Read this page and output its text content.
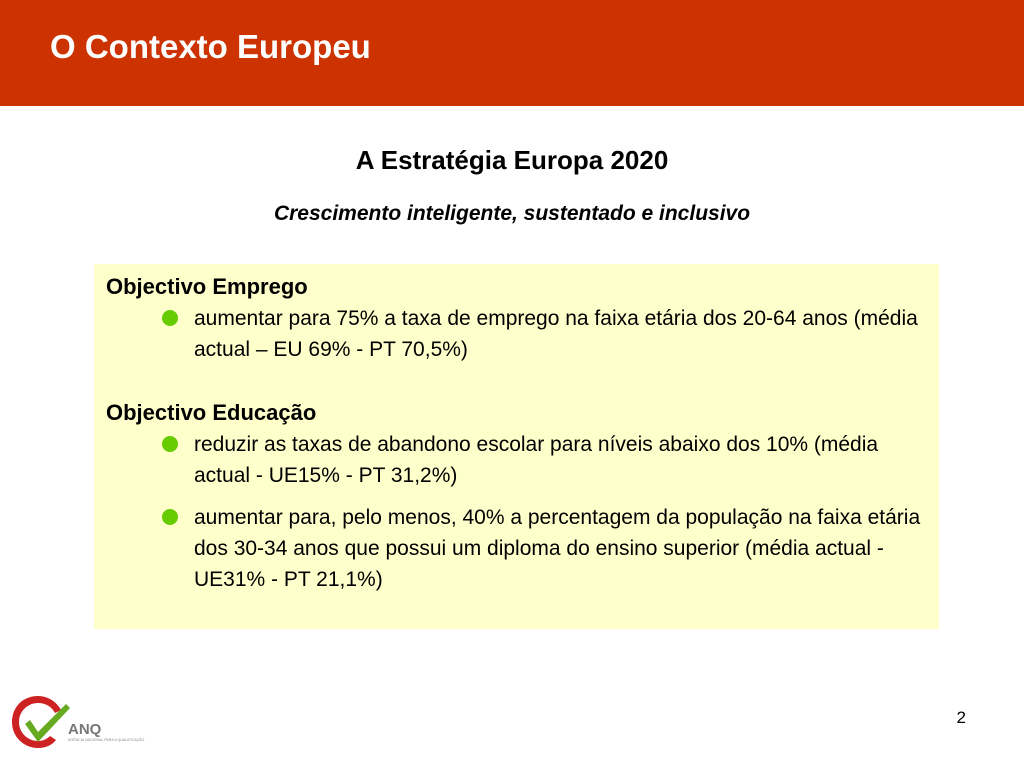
O Contexto Europeu
A Estratégia Europa 2020

Crescimento inteligente, sustentado e inclusivo

Objectivo Emprego

aumentar para 75% a taxa de emprego na faixa etária dos 20-64 anos (média actual – EU 69% - PT 70,5%)

Objectivo Educação

reduzir as taxas de abandono escolar para níveis abaixo dos 10% (média actual - UE15% - PT 31,2%)

aumentar para, pelo menos, 40% a percentagem da população na faixa etária dos 30-34 anos que possui um diploma do ensino superior (média actual - UE31% - PT 21,1%)

ANQ
AGÊNCIA NACIONAL PARA A QUALIFICAÇÃO
2
